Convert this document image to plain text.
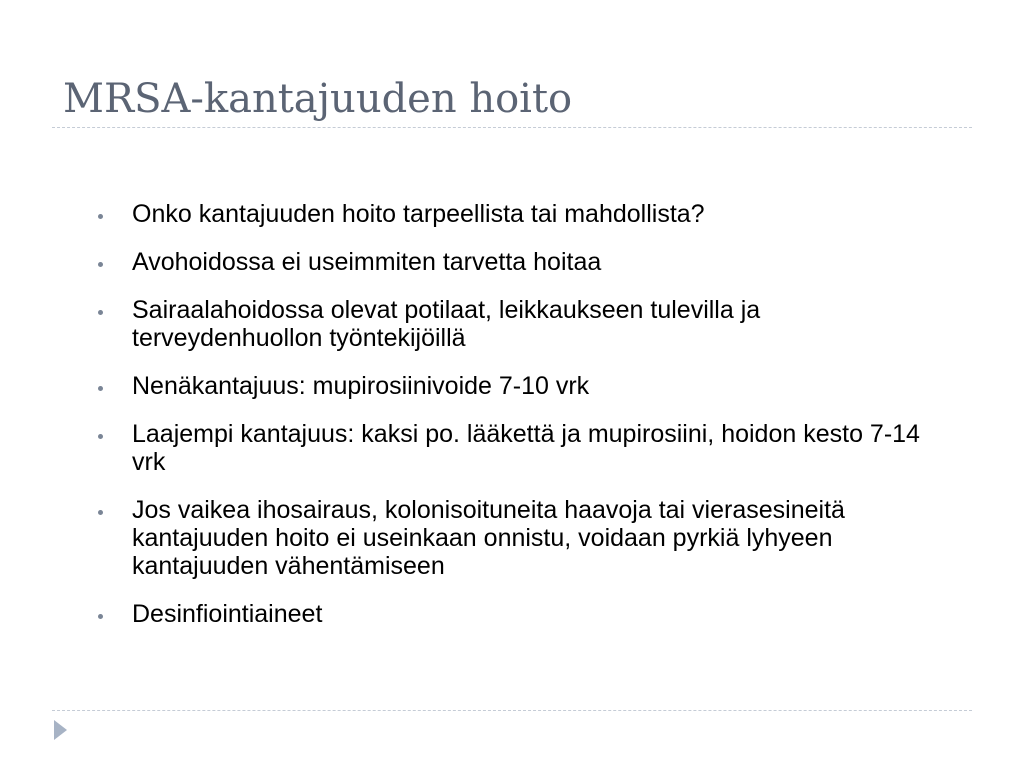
MRSA-kantajuuden hoito
Onko kantajuuden hoito tarpeellista tai mahdollista?
Avohoidossa ei useimmiten tarvetta hoitaa
Sairaalahoidossa olevat potilaat, leikkaukseen tulevilla ja terveydenhuollon työntekijöillä
Nenäkantajuus: mupirosiinivoide 7-10 vrk
Laajempi kantajuus: kaksi po. lääkettä ja mupirosiini, hoidon kesto 7-14 vrk
Jos vaikea ihosairaus, kolonisoituneita haavoja tai vierasesineitä kantajuuden hoito ei useinkaan onnistu, voidaan pyrkiä lyhyeen kantajuuden vähentämiseen
Desinfiointiaineet
